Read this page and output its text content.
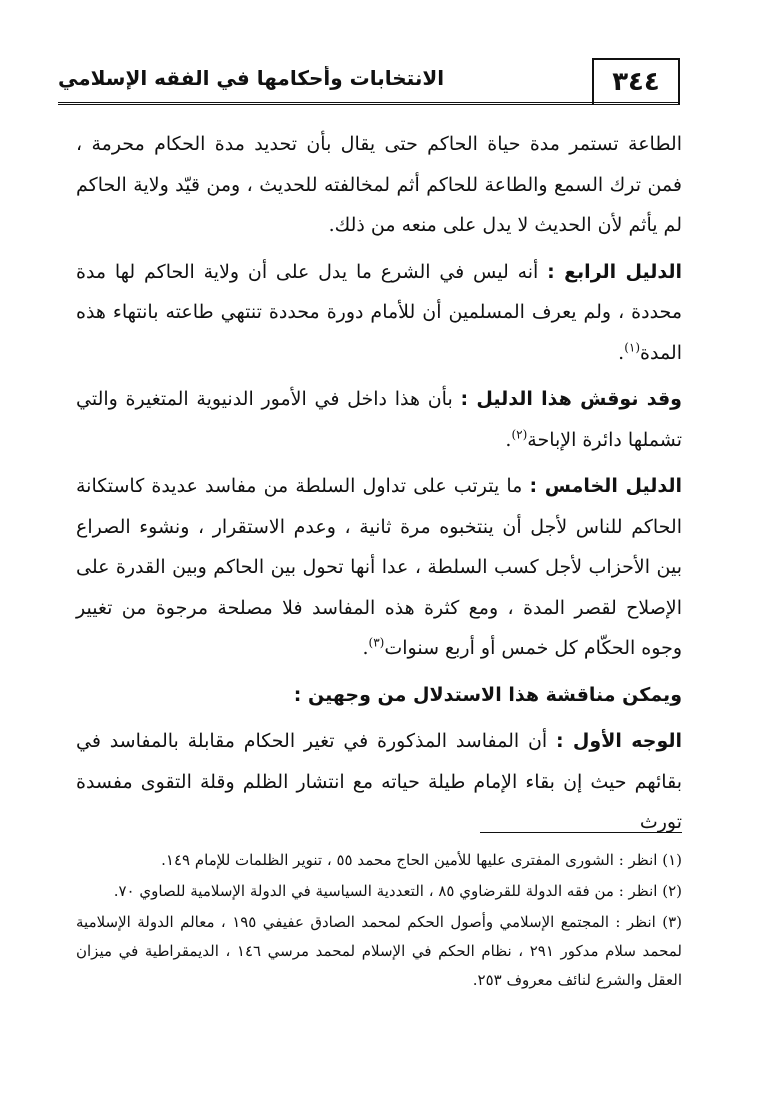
٣٤٤
الانتخابات وأحكامها في الفقه الإسلامي

الطاعة تستمر مدة حياة الحاكم حتى يقال بأن تحديد مدة الحكام محرمة ، فمن ترك السمع والطاعة للحاكم أثم لمخالفته للحديث ، ومن قيّد ولاية الحاكم لم يأثم لأن الحديث لا يدل على منعه من ذلك.

الدليل الرابع : أنه ليس في الشرع ما يدل على أن ولاية الحاكم لها مدة محددة ، ولم يعرف المسلمين أن للأمام دورة محددة تنتهي طاعته بانتهاء هذه المدة$^{(١)}$.

وقد نوقش هذا الدليل : بأن هذا داخل في الأمور الدنيوية المتغيرة والتي تشملها دائرة الإباحة$^{(٢)}$.

الدليل الخامس : ما يترتب على تداول السلطة من مفاسد عديدة كاستكانة الحاكم للناس لأجل أن ينتخبوه مرة ثانية ، وعدم الاستقرار ، ونشوء الصراع بين الأحزاب لأجل كسب السلطة ، عدا أنها تحول بين الحاكم وبين القدرة على الإصلاح لقصر المدة ، ومع كثرة هذه المفاسد فلا مصلحة مرجوة من تغيير وجوه الحكّام كل خمس أو أربع سنوات$^{(٣)}$.

ويمكن مناقشة هذا الاستدلال من وجهين :

الوجه الأول : أن المفاسد المذكورة في تغير الحكام مقابلة بالمفاسد في بقائهم حيث إن بقاء الإمام طيلة حياته مع انتشار الظلم وقلة التقوى مفسدة تورث

(١) انظر : الشورى المفترى عليها للأمين الحاج محمد ٥٥ ، تنوير الظلمات للإمام ١٤٩.

(٢) انظر : من فقه الدولة للقرضاوي ٨٥ ، التعددية السياسية في الدولة الإسلامية للصاوي ٧٠.

(٣) انظر : المجتمع الإسلامي وأصول الحكم لمحمد الصادق عفيفي ١٩٥ ، معالم الدولة الإسلامية لمحمد سلام مدكور ٢٩١ ، نظام الحكم في الإسلام لمحمد مرسي ١٤٦ ، الديمقراطية في ميزان العقل والشرع لنائف معروف ٢٥٣.
